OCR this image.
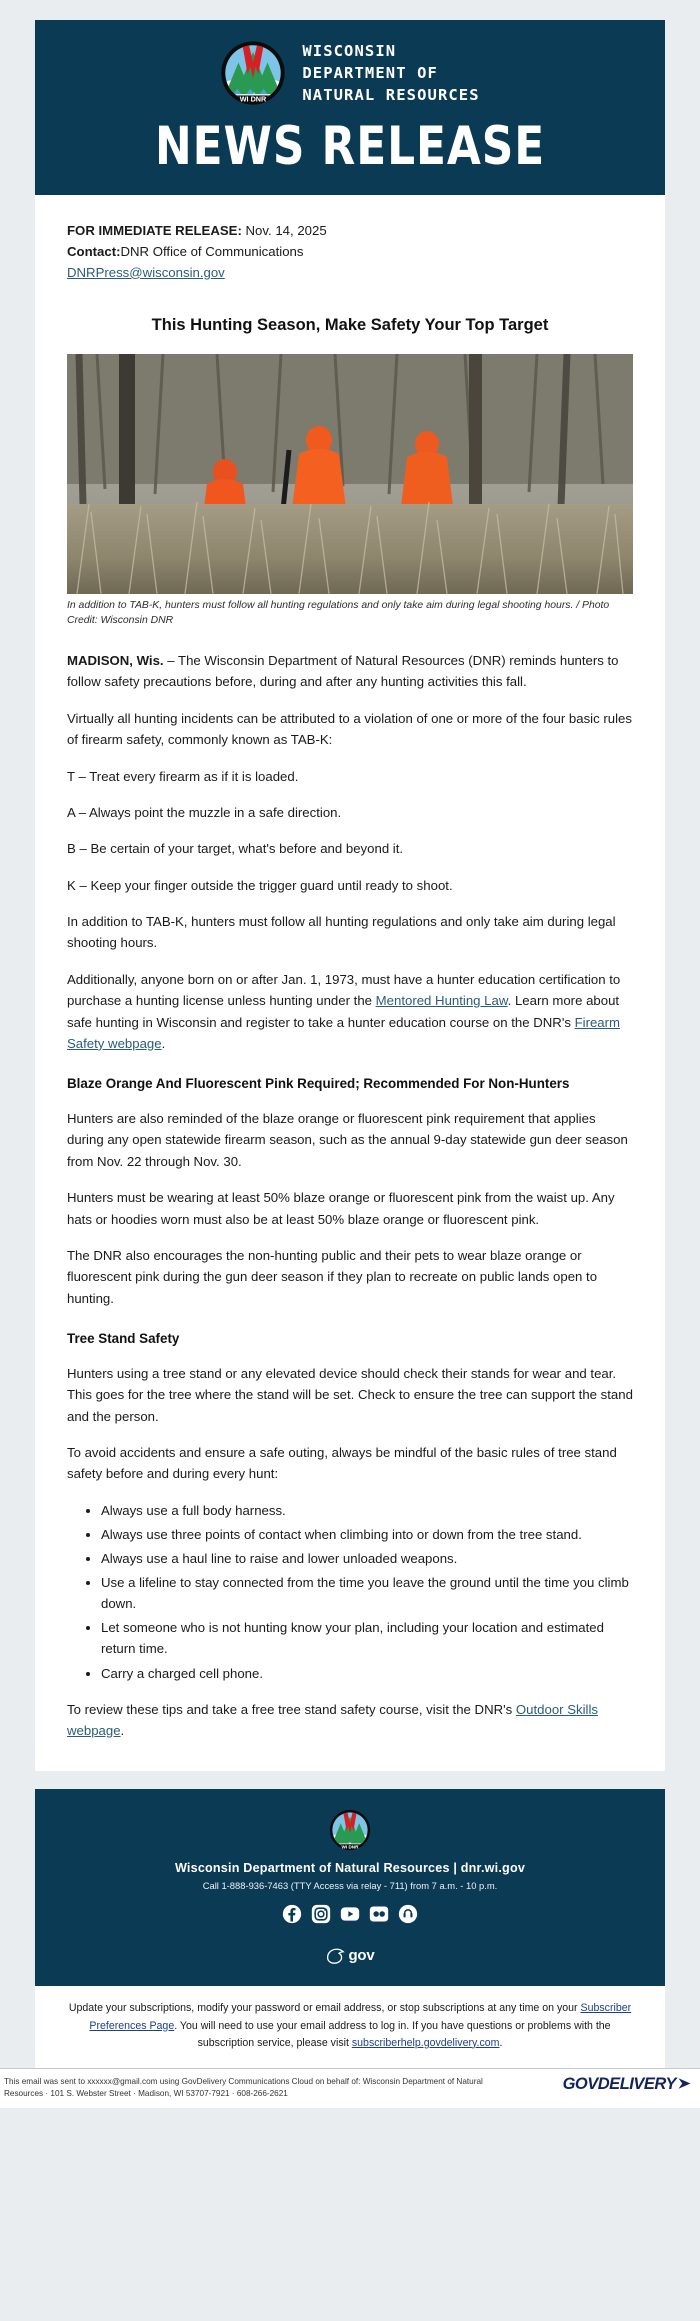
WI DNR
WISCONSIN
DEPARTMENT OF
NATURAL RESOURCES
NEWS RELEASE
FOR IMMEDIATE RELEASE: Nov. 14, 2025
Contact:DNR Office of Communications
DNRPress@wisconsin.gov
This Hunting Season, Make Safety Your Top Target
In addition to TAB-K, hunters must follow all hunting regulations and only take aim during legal shooting hours. / Photo Credit: Wisconsin DNR

MADISON, Wis. – The Wisconsin Department of Natural Resources (DNR) reminds hunters to follow safety precautions before, during and after any hunting activities this fall.

Virtually all hunting incidents can be attributed to a violation of one or more of the four basic rules of firearm safety, commonly known as TAB-K:

T – Treat every firearm as if it is loaded.

A – Always point the muzzle in a safe direction.

B – Be certain of your target, what's before and beyond it.

K – Keep your finger outside the trigger guard until ready to shoot.

In addition to TAB-K, hunters must follow all hunting regulations and only take aim during legal shooting hours.

Additionally, anyone born on or after Jan. 1, 1973, must have a hunter education certification to purchase a hunting license unless hunting under the Mentored Hunting Law. Learn more about safe hunting in Wisconsin and register to take a hunter education course on the DNR's Firearm Safety webpage.

Blaze Orange And Fluorescent Pink Required; Recommended For Non-Hunters

Hunters are also reminded of the blaze orange or fluorescent pink requirement that applies during any open statewide firearm season, such as the annual 9-day statewide gun deer season from Nov. 22 through Nov. 30.

Hunters must be wearing at least 50% blaze orange or fluorescent pink from the waist up. Any hats or hoodies worn must also be at least 50% blaze orange or fluorescent pink.

The DNR also encourages the non-hunting public and their pets to wear blaze orange or fluorescent pink during the gun deer season if they plan to recreate on public lands open to hunting.

Tree Stand Safety

Hunters using a tree stand or any elevated device should check their stands for wear and tear. This goes for the tree where the stand will be set. Check to ensure the tree can support the stand and the person.

To avoid accidents and ensure a safe outing, always be mindful of the basic rules of tree stand safety before and during every hunt:

• Always use a full body harness.
• Always use three points of contact when climbing into or down from the tree stand.
• Always use a haul line to raise and lower unloaded weapons.
• Use a lifeline to stay connected from the time you leave the ground until the time you climb down.
• Let someone who is not hunting know your plan, including your location and estimated return time.
• Carry a charged cell phone.

To review these tips and take a free tree stand safety course, visit the DNR's Outdoor Skills webpage.

WI DNR
Wisconsin Department of Natural Resources | dnr.wi.gov
Call 1-888-936-7463 (TTY Access via relay - 711) from 7 a.m. - 10 p.m.
gov
Update your subscriptions, modify your password or email address, or stop subscriptions at any time on your Subscriber Preferences Page. You will need to use your email address to log in. If you have questions or problems with the subscription service, please visit subscriberhelp.govdelivery.com.
This email was sent to xxxxxx@gmail.com using GovDelivery Communications Cloud on behalf of: Wisconsin Department of Natural
Resources · 101 S. Webster Street · Madison, WI 53707-7921 · 608-266-2621
GOVDELIVERY
